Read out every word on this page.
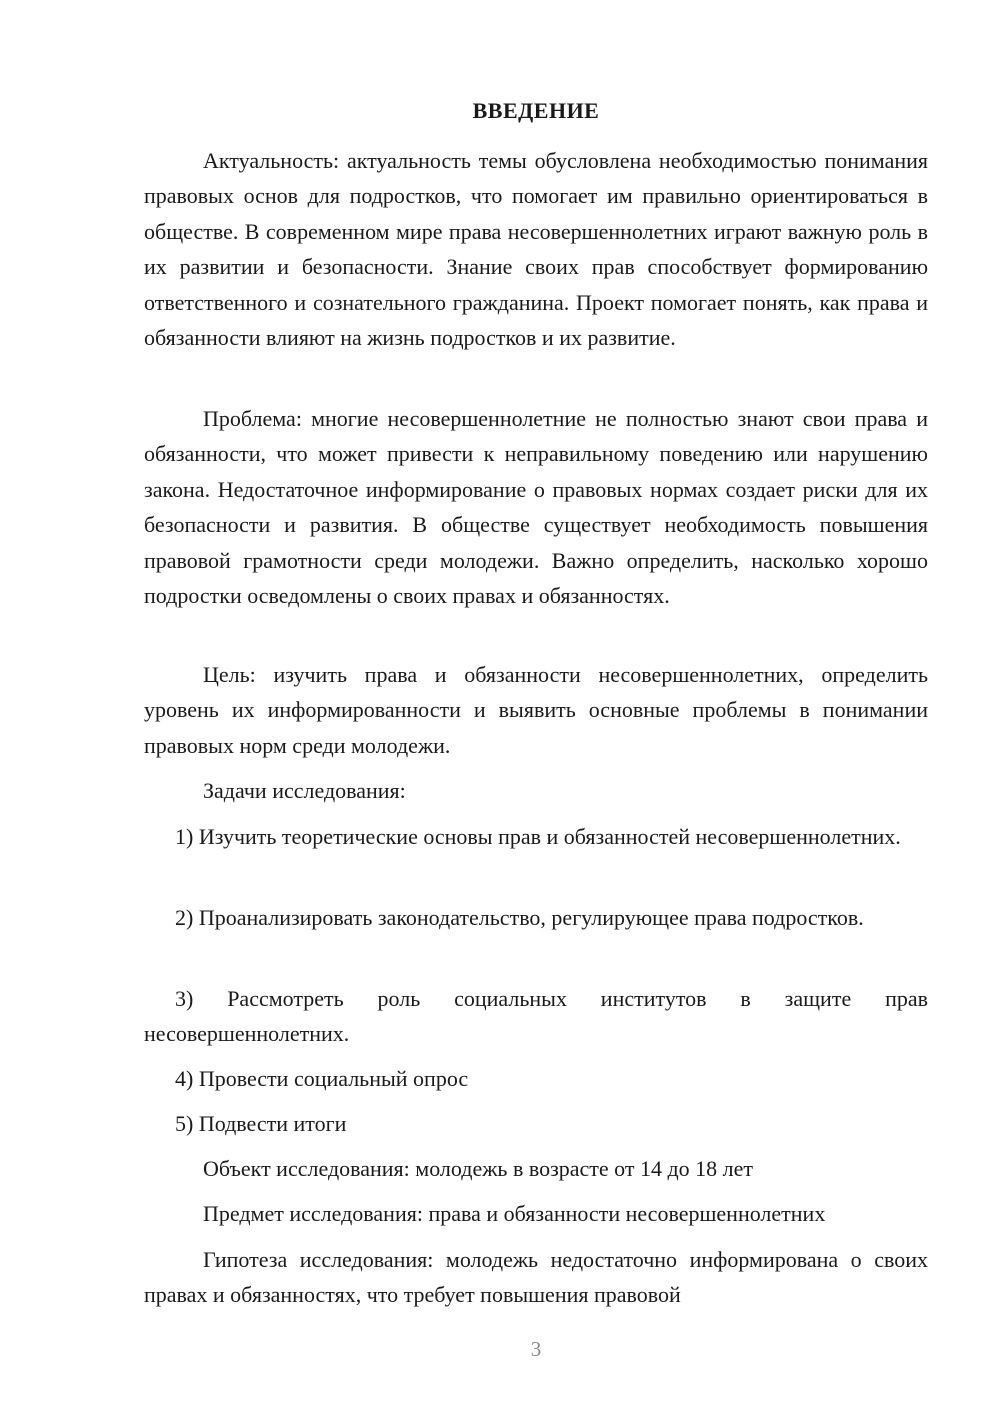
ВВЕДЕНИЕ

Актуальность: актуальность темы обусловлена необходимостью понимания правовых основ для подростков, что помогает им правильно ориентироваться в обществе. В современном мире права несовершеннолетних играют важную роль в их развитии и безопасности. Знание своих прав способствует формированию ответственного и сознательного гражданина. Проект помогает понять, как права и обязанности влияют на жизнь подростков и их развитие.

Проблема: многие несовершеннолетние не полностью знают свои права и обязанности, что может привести к неправильному поведению или нарушению закона. Недостаточное информирование о правовых нормах создает риски для их безопасности и развития. В обществе существует необходимость повышения правовой грамотности среди молодежи. Важно определить, насколько хорошо подростки осведомлены о своих правах и обязанностях.

Цель: изучить права и обязанности несовершеннолетних, определить уровень их информированности и выявить основные проблемы в понимании правовых норм среди молодежи.

Задачи исследования:

1) Изучить теоретические основы прав и обязанностей несовершеннолетних.

2) Проанализировать законодательство, регулирующее права подростков.

3) Рассмотреть роль социальных институтов в защите прав несовершеннолетних.

4) Провести социальный опрос

5) Подвести итоги

Объект исследования: молодежь в возрасте от 14 до 18 лет

Предмет исследования: права и обязанности несовершеннолетних

Гипотеза исследования: молодежь недостаточно информирована о своих правах и обязанностях, что требует повышения правовой

3
